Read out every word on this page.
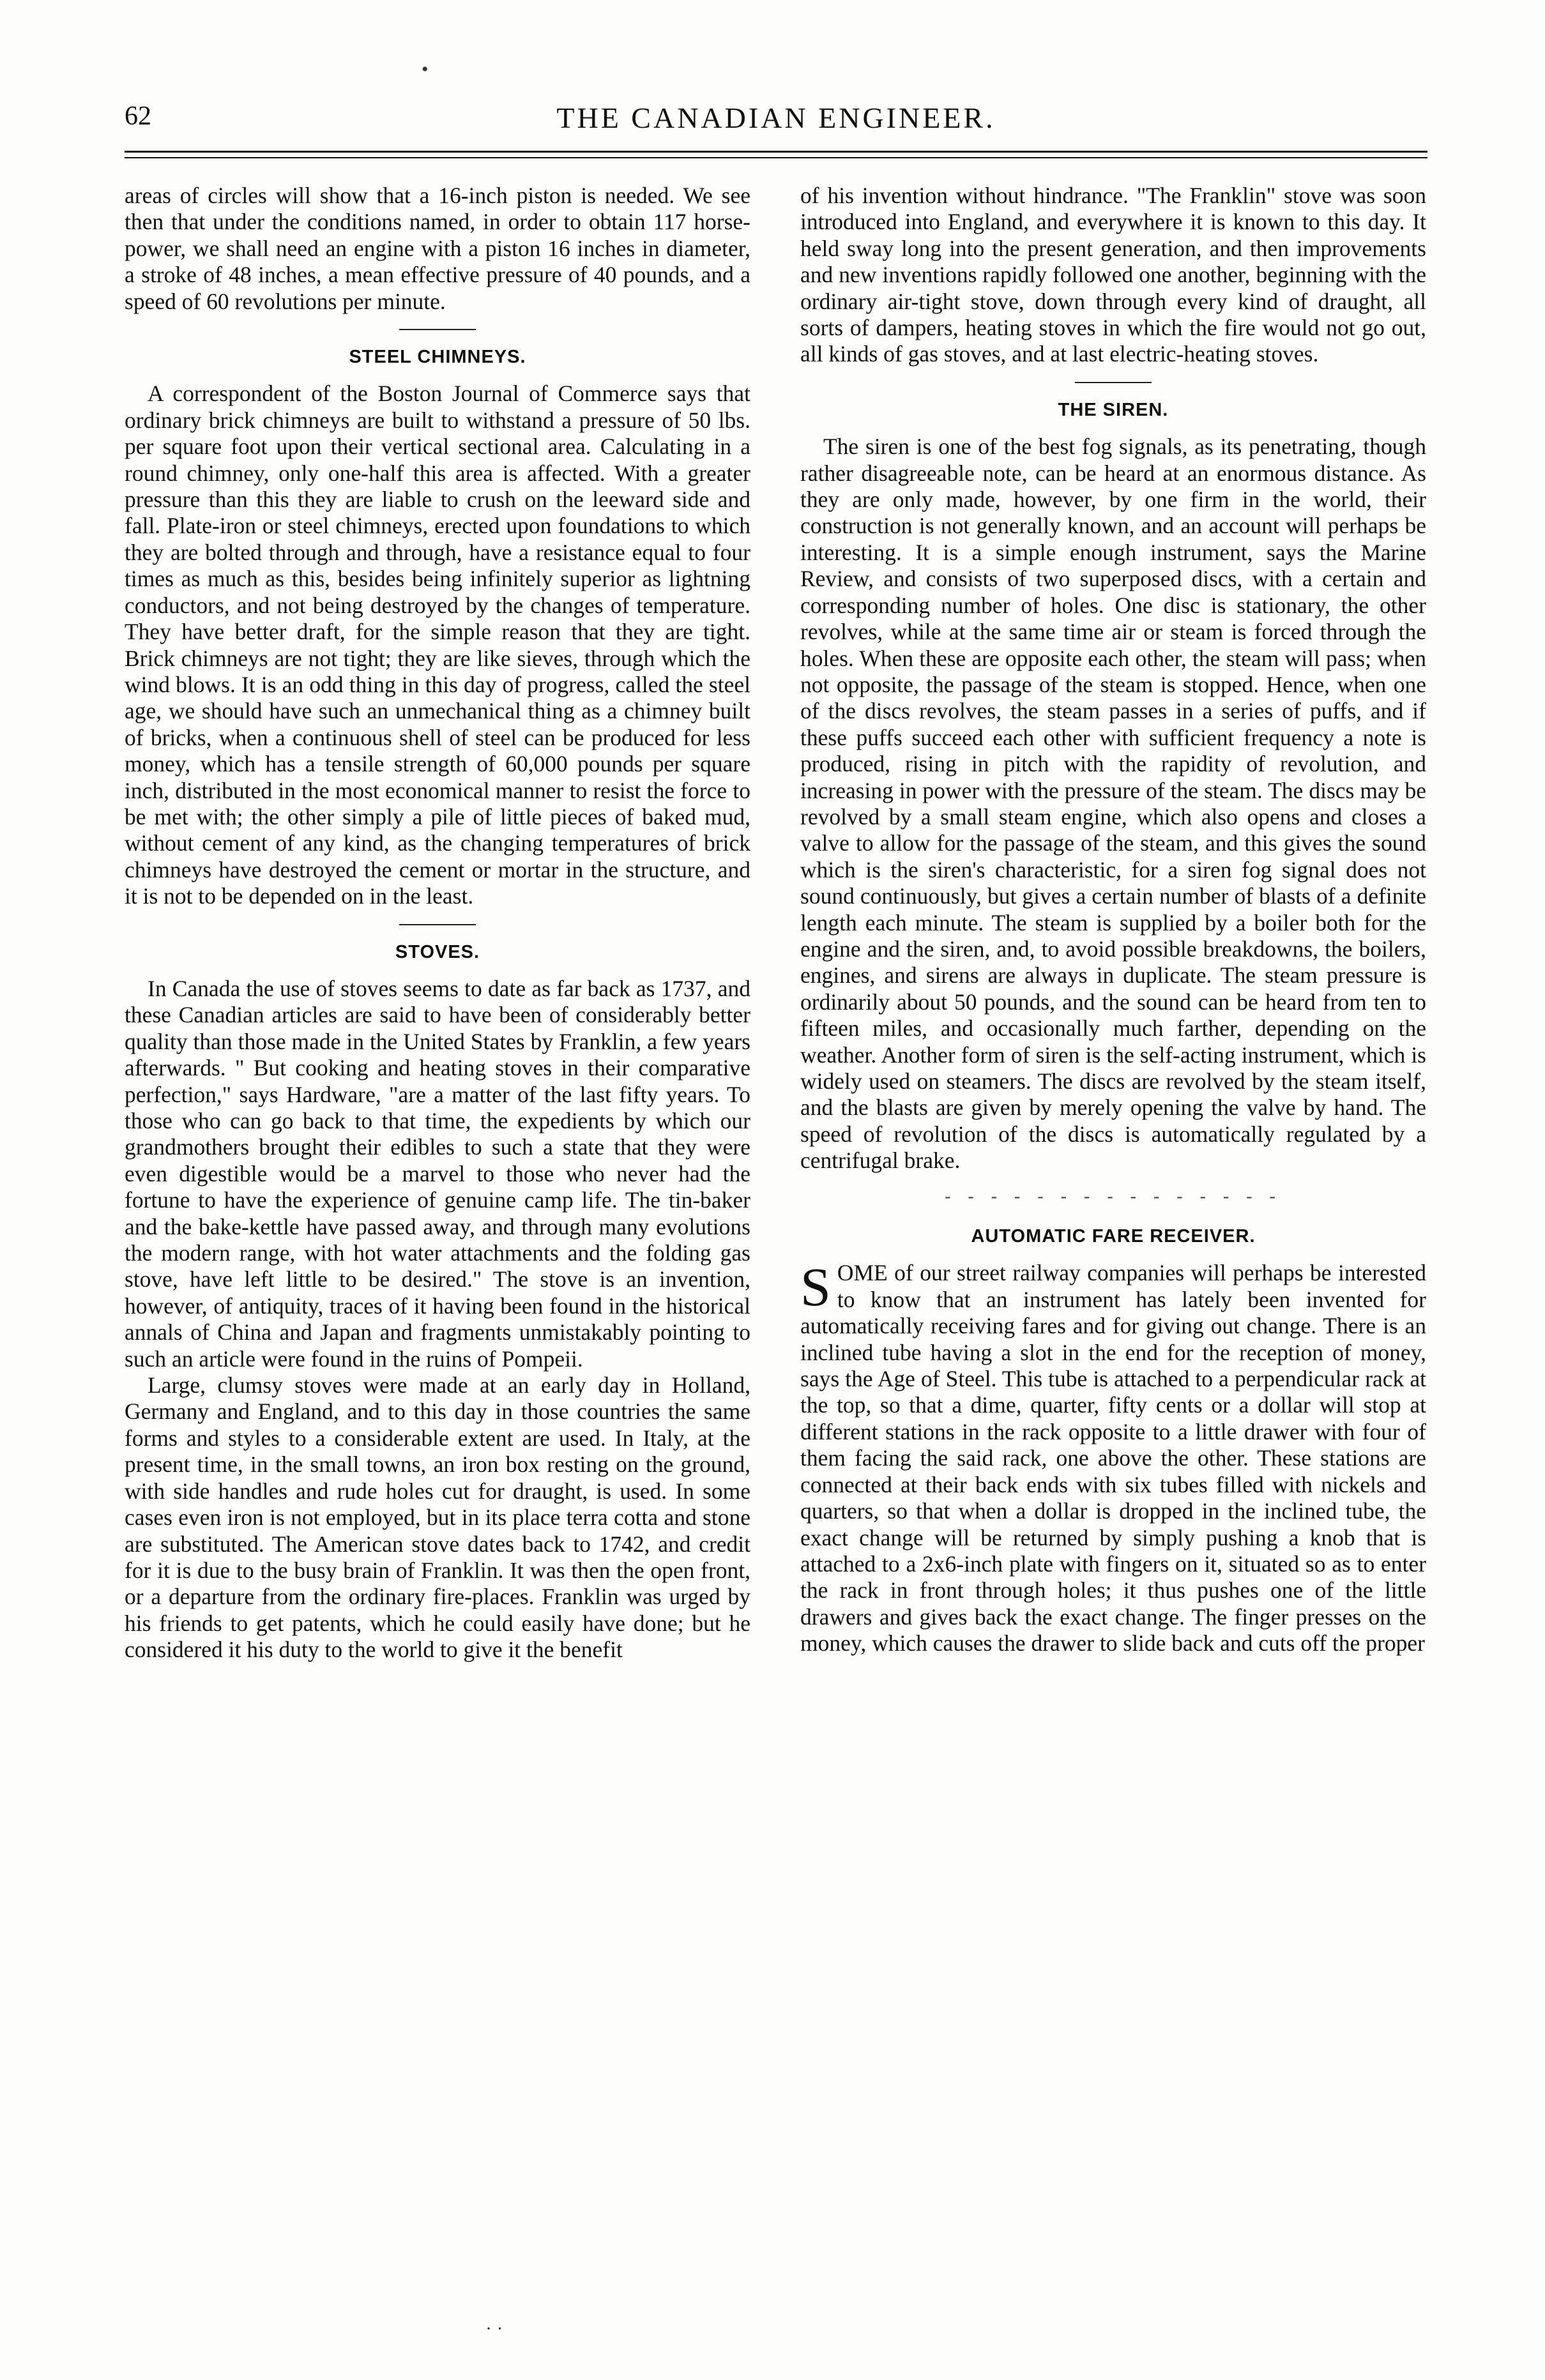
62	THE CANADIAN ENGINEER.
•

areas of circles will show that a 16-inch piston is needed. We see then that under the conditions named, in order to obtain 117 horse-power, we shall need an engine with a piston 16 inches in diameter, a stroke of 48 inches, a mean effective pressure of 40 pounds, and a speed of 60 revolutions per minute.

STEEL CHIMNEYS.

A correspondent of the Boston Journal of Commerce says that ordinary brick chimneys are built to withstand a pressure of 50 lbs. per square foot upon their vertical sectional area. Calculating in a round chimney, only one-half this area is affected. With a greater pressure than this they are liable to crush on the leeward side and fall. Plate-iron or steel chimneys, erected upon foundations to which they are bolted through and through, have a resistance equal to four times as much as this, besides being infinitely superior as lightning conductors, and not being destroyed by the changes of temperature. They have better draft, for the simple reason that they are tight. Brick chimneys are not tight; they are like sieves, through which the wind blows. It is an odd thing in this day of progress, called the steel age, we should have such an unmechanical thing as a chimney built of bricks, when a continuous shell of steel can be produced for less money, which has a tensile strength of 60,000 pounds per square inch, distributed in the most economical manner to resist the force to be met with; the other simply a pile of little pieces of baked mud, without cement of any kind, as the changing temperatures of brick chimneys have destroyed the cement or mortar in the structure, and it is not to be depended on in the least.

STOVES.

In Canada the use of stoves seems to date as far back as 1737, and these Canadian articles are said to have been of considerably better quality than those made in the United States by Franklin, a few years afterwards. " But cooking and heating stoves in their comparative perfection," says Hardware, "are a matter of the last fifty years. To those who can go back to that time, the expedients by which our grandmothers brought their edibles to such a state that they were even digestible would be a marvel to those who never had the fortune to have the experience of genuine camp life. The tin-baker and the bake-kettle have passed away, and through many evolutions the modern range, with hot water attachments and the folding gas stove, have left little to be desired." The stove is an invention, however, of antiquity, traces of it having been found in the historical annals of China and Japan and fragments unmistakably pointing to such an article were found in the ruins of Pompeii.

Large, clumsy stoves were made at an early day in Holland, Germany and England, and to this day in those countries the same forms and styles to a considerable extent are used. In Italy, at the present time, in the small towns, an iron box resting on the ground, with side handles and rude holes cut for draught, is used. In some cases even iron is not employed, but in its place terra cotta and stone are substituted. The American stove dates back to 1742, and credit for it is due to the busy brain of Franklin. It was then the open front, or a departure from the ordinary fire-places. Franklin was urged by his friends to get patents, which he could easily have done; but he considered it his duty to the world to give it the benefit

of his invention without hindrance. "The Franklin" stove was soon introduced into England, and everywhere it is known to this day. It held sway long into the present generation, and then improvements and new inventions rapidly followed one another, beginning with the ordinary air-tight stove, down through every kind of draught, all sorts of dampers, heating stoves in which the fire would not go out, all kinds of gas stoves, and at last electric-heating stoves.

THE SIREN.

The siren is one of the best fog signals, as its penetrating, though rather disagreeable note, can be heard at an enormous distance. As they are only made, however, by one firm in the world, their construction is not generally known, and an account will perhaps be interesting. It is a simple enough instrument, says the Marine Review, and consists of two superposed discs, with a certain and corresponding number of holes. One disc is stationary, the other revolves, while at the same time air or steam is forced through the holes. When these are opposite each other, the steam will pass; when not opposite, the passage of the steam is stopped. Hence, when one of the discs revolves, the steam passes in a series of puffs, and if these puffs succeed each other with sufficient frequency a note is produced, rising in pitch with the rapidity of revolution, and increasing in power with the pressure of the steam. The discs may be revolved by a small steam engine, which also opens and closes a valve to allow for the passage of the steam, and this gives the sound which is the siren's characteristic, for a siren fog signal does not sound continuously, but gives a certain number of blasts of a definite length each minute. The steam is supplied by a boiler both for the engine and the siren, and, to avoid possible breakdowns, the boilers, engines, and sirens are always in duplicate. The steam pressure is ordinarily about 50 pounds, and the sound can be heard from ten to fifteen miles, and occasionally much farther, depending on the weather. Another form of siren is the self-acting instrument, which is widely used on steamers. The discs are revolved by the steam itself, and the blasts are given by merely opening the valve by hand. The speed of revolution of the discs is automatically regulated by a centrifugal brake.

- - - - - - - - - - - - - - -
AUTOMATIC FARE RECEIVER.

SOME of our street railway companies will perhaps be interested to know that an instrument has lately been invented for automatically receiving fares and for giving out change. There is an inclined tube having a slot in the end for the reception of money, says the Age of Steel. This tube is attached to a perpendicular rack at the top, so that a dime, quarter, fifty cents or a dollar will stop at different stations in the rack opposite to a little drawer with four of them facing the said rack, one above the other. These stations are connected at their back ends with six tubes filled with nickels and quarters, so that when a dollar is dropped in the inclined tube, the exact change will be returned by simply pushing a knob that is attached to a 2x6-inch plate with fingers on it, situated so as to enter the rack in front through holes; it thus pushes one of the little drawers and gives back the exact change. The finger presses on the money, which causes the drawer to slide back and cuts off the proper

· ·
